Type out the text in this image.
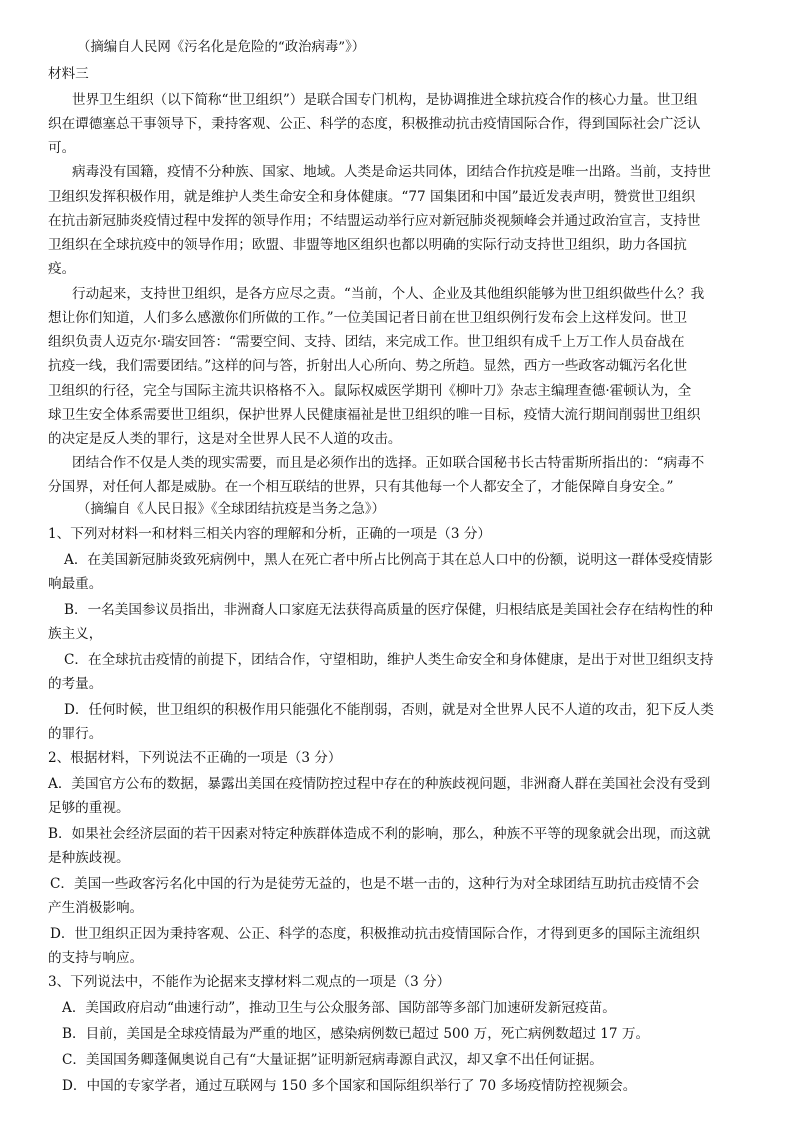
（摘编自人民网《污名化是危险的“政治病毒”》）
材料三
世界卫生组织（以下简称“世卫组织”）是联合国专门机构，是协调推进全球抗疫合作的核心力量。世卫组
织在谭德塞总干事领导下，秉持客观、公正、科学的态度，积极推动抗击疫情国际合作，得到国际社会广泛认
可。
病毒没有国籍，疫情不分种族、国家、地域。人类是命运共同体，团结合作抗疫是唯一出路。当前，支持世
卫组织发挥积极作用，就是维护人类生命安全和身体健康。“77 国集团和中国”最近发表声明，赞赏世卫组织
在抗击新冠肺炎疫情过程中发挥的领导作用；不结盟运动举行应对新冠肺炎视频峰会并通过政治宣言，支持世
卫组织在全球抗疫中的领导作用；欧盟、非盟等地区组织也都以明确的实际行动支持世卫组织，助力各国抗
疫。
行动起来，支持世卫组织，是各方应尽之责。“当前，个人、企业及其他组织能够为世卫组织做些什么？我
想让你们知道，人们多么感激你们所做的工作。”一位美国记者日前在世卫组织例行发布会上这样发问。世卫
组织负责人迈克尔·瑞安回答：“需要空间、支持、团结，来完成工作。世卫组织有成千上万工作人员奋战在
抗疫一线，我们需要团结。”这样的问与答，折射出人心所向、势之所趋。显然，西方一些政客动辄污名化世
卫组织的行径，完全与国际主流共识格格不入。鼠际权威医学期刊《柳叶刀》杂志主编理查德·霍顿认为，全
球卫生安全体系需要世卫组织，保护世界人民健康福祉是世卫组织的唯一目标，疫情大流行期间削弱世卫组织
的决定是反人类的罪行，这是对全世界人民不人道的攻击。
团结合作不仅是人类的现实需要，而且是必须作出的选择。正如联合国秘书长古特雷斯所指出的：“病毒不
分国界，对任何人都是威胁。在一个相互联结的世界，只有其他每一个人都安全了，才能保障自身安全。”
（摘编自《人民日报》《全球团结抗疫是当务之急》）
1、下列对材料一和材料三相关内容的理解和分析，正确的一项是（3 分）
A．在美国新冠肺炎致死病例中，黑人在死亡者中所占比例高于其在总人口中的份额，说明这一群体受疫情影
响最重。
B．一名美国参议员指出，非洲裔人口家庭无法获得高质量的医疗保健，归根结底是美国社会存在结构性的种
族主义，
C．在全球抗击疫情的前提下，团结合作，守望相助，维护人类生命安全和身体健康，是出于对世卫组织支持
的考量。
D．任何时候，世卫组织的积极作用只能强化不能削弱，否则，就是对全世界人民不人道的攻击，犯下反人类
的罪行。
2、根据材料，下列说法不正确的一项是（3 分）
A．美国官方公布的数据，暴露出美国在疫情防控过程中存在的种族歧视问题，非洲裔人群在美国社会没有受到
足够的重视。
B．如果社会经济层面的若干因素对特定种族群体造成不利的影响，那么，种族不平等的现象就会出现，而这就
是种族歧视。
C．美国一些政客污名化中国的行为是徒劳无益的，也是不堪一击的，这种行为对全球团结互助抗击疫情不会
产生消极影响。
D．世卫组织正因为秉持客观、公正、科学的态度，积极推动抗击疫情国际合作，才得到更多的国际主流组织
的支持与响应。
3、下列说法中，不能作为论据来支撑材料二观点的一项是（3 分）
A．美国政府启动“曲速行动”，推动卫生与公众服务部、国防部等多部门加速研发新冠疫苗。
B．目前，美国是全球疫情最为严重的地区，感染病例数已超过 500 万，死亡病例数超过 17 万。
C．美国国务卿蓬佩奥说自己有“大量证据”证明新冠病毒源自武汉，却又拿不出任何证据。
D．中国的专家学者，通过互联网与 150 多个国家和国际组织举行了 70 多场疫情防控视频会。
